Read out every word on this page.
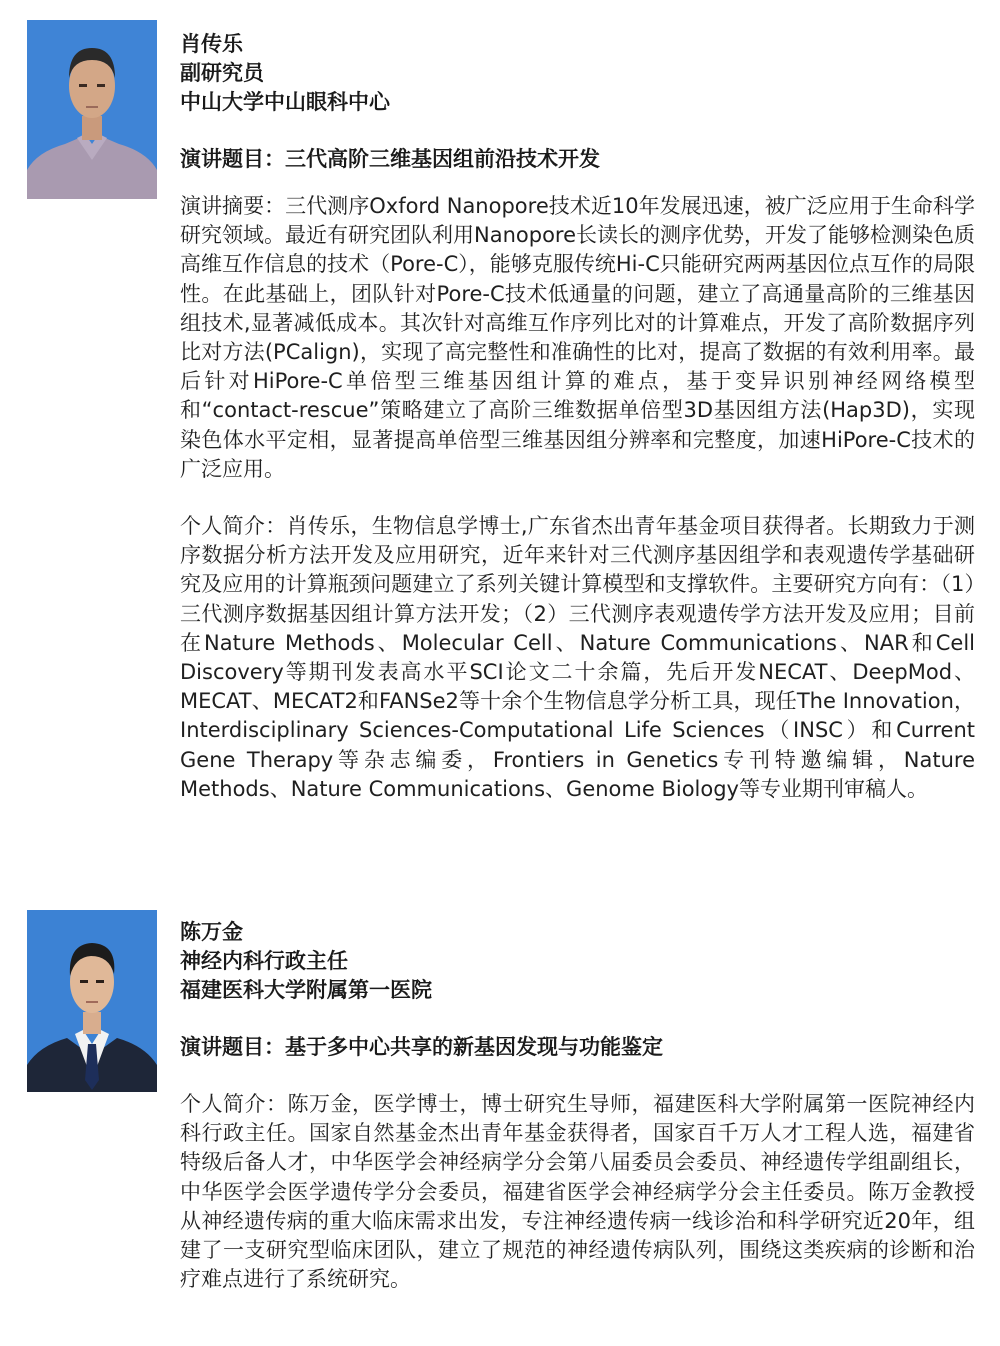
肖传乐

副研究员

中山大学中山眼科中心

演讲题目：三代高阶三维基因组前沿技术开发

演讲摘要：三代测序Oxford Nanopore技术近10年发展迅速，被广泛应用于生命科学研究领域。最近有研究团队利用Nanopore长读长的测序优势，开发了能够检测染色质高维互作信息的技术（Pore-C），能够克服传统Hi-C只能研究两两基因位点互作的局限性。在此基础上，团队针对Pore-C技术低通量的问题，建立了高通量高阶的三维基因组技术,显著减低成本。其次针对高维互作序列比对的计算难点，开发了高阶数据序列比对方法(PCalign)，实现了高完整性和准确性的比对，提高了数据的有效利用率。最后针对HiPore-C单倍型三维基因组计算的难点，基于变异识别神经网络模型和“contact-rescue”策略建立了高阶三维数据单倍型3D基因组方法(Hap3D)，实现染色体水平定相，显著提高单倍型三维基因组分辨率和完整度，加速HiPore-C技术的广泛应用。

个人简介：肖传乐，生物信息学博士,广东省杰出青年基金项目获得者。长期致力于测序数据分析方法开发及应用研究，近年来针对三代测序基因组学和表观遗传学基础研究及应用的计算瓶颈问题建立了系列关键计算模型和支撑软件。主要研究方向有：（1）三代测序数据基因组计算方法开发；（2）三代测序表观遗传学方法开发及应用；目前在Nature Methods、Molecular Cell、Nature Communications、NAR和Cell Discovery等期刊发表高水平SCI论文二十余篇，先后开发NECAT、DeepMod、MECAT、MECAT2和FANSe2等十余个生物信息学分析工具，现任The Innovation，Interdisciplinary Sciences-Computational Life Sciences（INSC）和Current Gene Therapy等杂志编委，Frontiers in Genetics专刊特邀编辑，Nature Methods、Nature Communications、Genome Biology等专业期刊审稿人。

陈万金

神经内科行政主任

福建医科大学附属第一医院

演讲题目：基于多中心共享的新基因发现与功能鉴定

个人简介：陈万金，医学博士，博士研究生导师，福建医科大学附属第一医院神经内科行政主任。国家自然基金杰出青年基金获得者，国家百千万人才工程人选，福建省特级后备人才，中华医学会神经病学分会第八届委员会委员、神经遗传学组副组长，中华医学会医学遗传学分会委员，福建省医学会神经病学分会主任委员。陈万金教授从神经遗传病的重大临床需求出发，专注神经遗传病一线诊治和科学研究近20年，组建了一支研究型临床团队，建立了规范的神经遗传病队列，围绕这类疾病的诊断和治疗难点进行了系统研究。
